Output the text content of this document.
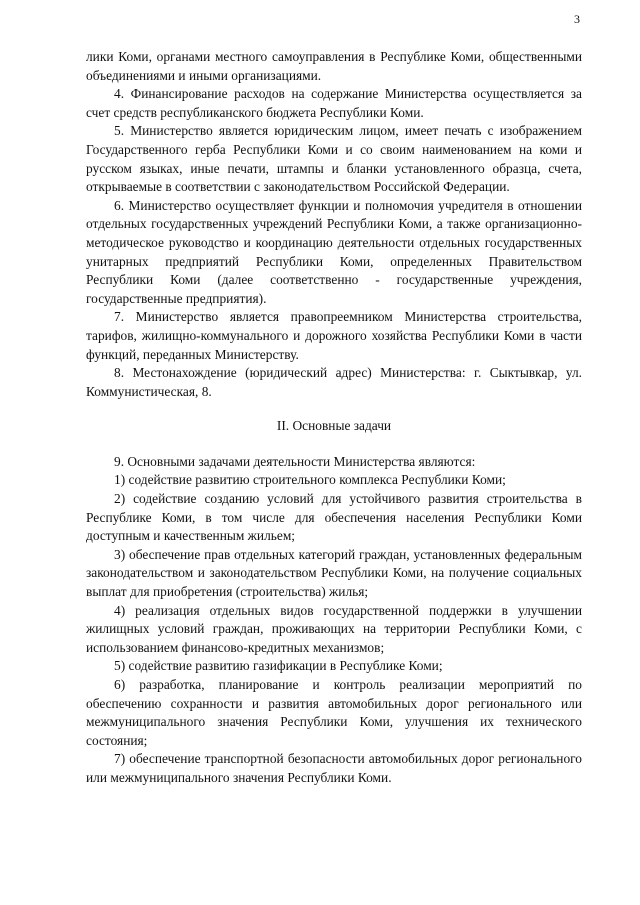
3

лики Коми, органами местного самоуправления в Республике Коми, общественными объединениями и иными организациями.

4. Финансирование расходов на содержание Министерства осуществляется за счет средств республиканского бюджета Республики Коми.

5. Министерство является юридическим лицом, имеет печать с изображением Государственного герба Республики Коми и со своим наименованием на коми и русском языках, иные печати, штампы и бланки установленного образца, счета, открываемые в соответствии с законодательством Российской Федерации.

6. Министерство осуществляет функции и полномочия учредителя в отношении отдельных государственных учреждений Республики Коми, а также организационно-методическое руководство и координацию деятельности отдельных государственных унитарных предприятий Республики Коми, определенных Правительством Республики Коми (далее соответственно - государственные учреждения, государственные предприятия).

7. Министерство является правопреемником Министерства строительства, тарифов, жилищно-коммунального и дорожного хозяйства Республики Коми в части функций, переданных Министерству.

8. Местонахождение (юридический адрес) Министерства: г. Сыктывкар, ул. Коммунистическая, 8.

II. Основные задачи

9. Основными задачами деятельности Министерства являются:

1) содействие развитию строительного комплекса Республики Коми;

2) содействие созданию условий для устойчивого развития строительства в Республике Коми, в том числе для обеспечения населения Республики Коми доступным и качественным жильем;

3) обеспечение прав отдельных категорий граждан, установленных федеральным законодательством и законодательством Республики Коми, на получение социальных выплат для приобретения (строительства) жилья;

4) реализация отдельных видов государственной поддержки в улучшении жилищных условий граждан, проживающих на территории Республики Коми, с использованием финансово-кредитных механизмов;

5) содействие развитию газификации в Республике Коми;

6) разработка, планирование и контроль реализации мероприятий по обеспечению сохранности и развития автомобильных дорог регионального или межмуниципального значения Республики Коми, улучшения их технического состояния;

7) обеспечение транспортной безопасности автомобильных дорог регионального или межмуниципального значения Республики Коми.
